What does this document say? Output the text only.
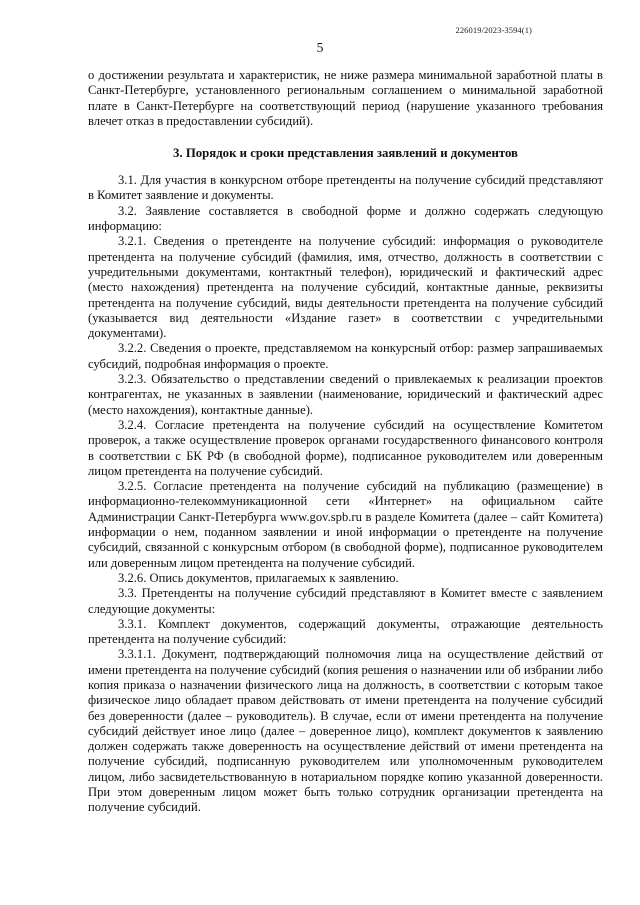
226019/2023-3594(1)
5

о достижении результата и характеристик, не ниже размера минимальной заработной платы в Санкт-Петербурге, установленного региональным соглашением о минимальной заработной плате в Санкт-Петербурге на соответствующий период (нарушение указанного требования влечет отказ в предоставлении субсидий).

3. Порядок и сроки представления заявлений и документов

3.1. Для участия в конкурсном отборе претенденты на получение субсидий представляют в Комитет заявление и документы.

3.2. Заявление составляется в свободной форме и должно содержать следующую информацию:

3.2.1. Сведения о претенденте на получение субсидий: информация о руководителе претендента на получение субсидий (фамилия, имя, отчество, должность в соответствии с учредительными документами, контактный телефон), юридический и фактический адрес (место нахождения) претендента на получение субсидий, контактные данные, реквизиты претендента на получение субсидий, виды деятельности претендента на получение субсидий (указывается вид деятельности «Издание газет» в соответствии с учредительными документами).

3.2.2. Сведения о проекте, представляемом на конкурсный отбор: размер запрашиваемых субсидий, подробная информация о проекте.

3.2.3. Обязательство о представлении сведений о привлекаемых к реализации проектов контрагентах, не указанных в заявлении (наименование, юридический и фактический адрес (место нахождения), контактные данные).

3.2.4. Согласие претендента на получение субсидий на осуществление Комитетом проверок, а также осуществление проверок органами государственного финансового контроля в соответствии с БК РФ (в свободной форме), подписанное руководителем или доверенным лицом претендента на получение субсидий.

3.2.5. Согласие претендента на получение субсидий на публикацию (размещение) в информационно-телекоммуникационной сети «Интернет» на официальном сайте Администрации Санкт-Петербурга www.gov.spb.ru в разделе Комитета (далее – сайт Комитета) информации о нем, поданном заявлении и иной информации о претенденте на получение субсидий, связанной с конкурсным отбором (в свободной форме), подписанное руководителем или доверенным лицом претендента на получение субсидий.

3.2.6. Опись документов, прилагаемых к заявлению.

3.3. Претенденты на получение субсидий представляют в Комитет вместе с заявлением следующие документы:

3.3.1. Комплект документов, содержащий документы, отражающие деятельность претендента на получение субсидий:

3.3.1.1. Документ, подтверждающий полномочия лица на осуществление действий от имени претендента на получение субсидий (копия решения о назначении или об избрании либо копия приказа о назначении физического лица на должность, в соответствии с которым такое физическое лицо обладает правом действовать от имени претендента на получение субсидий без доверенности (далее – руководитель). В случае, если от имени претендента на получение субсидий действует иное лицо (далее – доверенное лицо), комплект документов к заявлению должен содержать также доверенность на осуществление действий от имени претендента на получение субсидий, подписанную руководителем или уполномоченным руководителем лицом, либо засвидетельствованную в нотариальном порядке копию указанной доверенности. При этом доверенным лицом может быть только сотрудник организации претендента на получение субсидий.
